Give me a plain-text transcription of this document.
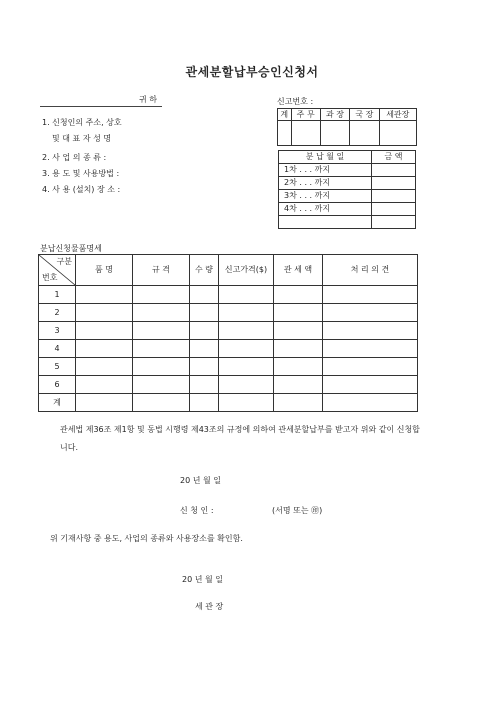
관세분할납부승인신청서
귀 하
1. 신청인의 주소, 상호
및 대 표 자 성 명
2. 사 업 의 종 류 :
3. 용 도 및 사용방법 :
4. 사 용 (설치) 장 소 :
신고번호 :
계	주 무	과 장	국 장	세관장

분 납 월 일	금 액
1차 . . . 까지	
2차 . . . 까지	
3차 . . . 까지	
4차 . . . 까지	

분납신청물품명세
구분
번호	품 명	규 격	수 량	신고가격($)	관 세 액	처 리 의 견
1						
2						
3						
4						
5						
6						
계						
관세법 제36조 제1항 및 동법 시행령 제43조의 규정에 의하여 관세분할납부를 받고자 위와 같이 신청합니다.
20 년 월 일
신 청 인 :	(서명 또는 ㊞)
위 기재사항 중 용도, 사업의 종류와 사용장소를 확인함.
20 년 월 일
세 관 장
